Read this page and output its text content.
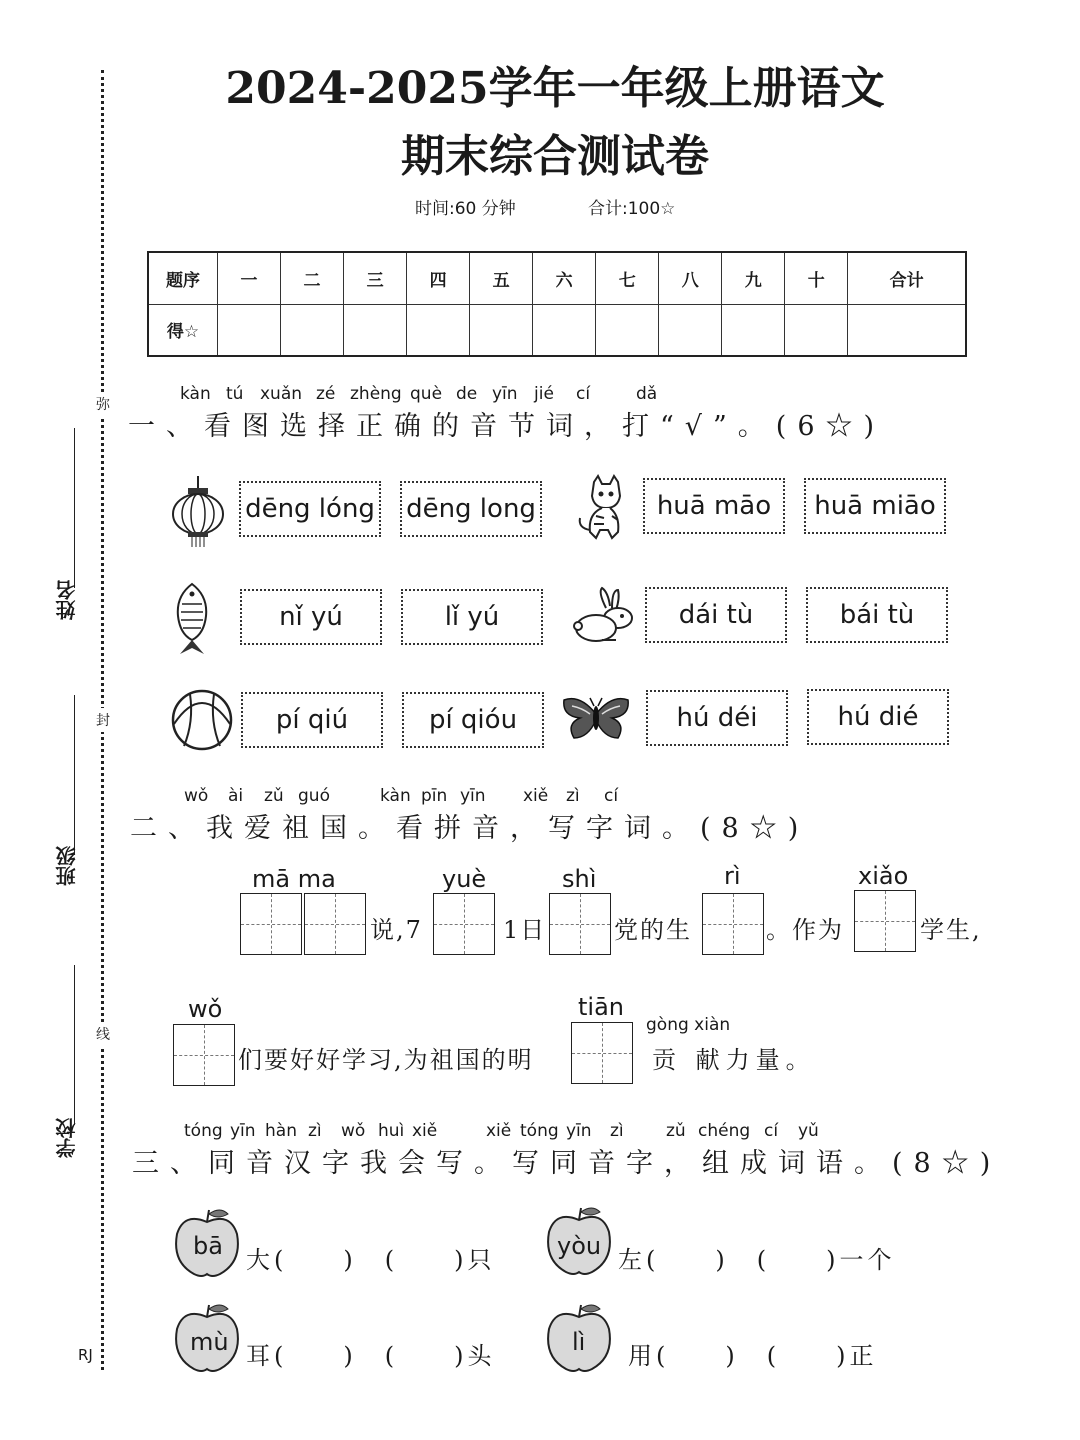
弥
封
线
姓名
班级
学校
RJ
2024-2025学年一年级上册语文
期末综合测试卷
时间:60 分钟	合计:100☆
题序	一	二	三	四	五	六	七	八	九	十	合计
得☆											
kàn tú xuǎn zé zhèng què de yīn jié cí	dǎ
一、看图选择正确的音节词，打“√”。(6☆)
dēng lóng dēng long	huā māo	huā miāo
nǐ yú	lǐ yú	dái tù	bái tù
pí qiú	pí qióu	hú déi	hú dié
wǒ ài zǔ guó	kàn pīn yīn xiě zì cí
二、我爱祖国。看拼音，写字词。(8☆)
mā ma
说,7
yuè
1日
shì
党的生
rì
。作为
xiǎo
学生,
wǒ
们要好好学习,为祖国的明
tiān
gòng xiàn
贡 献力量。
tóng yīn hàn zì wǒ huì xiě	xiě tóng yīn zì zǔ chéng cí yǔ
三、同音汉字我会写。写同音字，组成词语。(8☆)
bā 大(　　)　(　　)只	yòu 左(　　)　(　　)一个
mù 耳(　　)　(　　)头	lì 用(　　)　(　　)正
